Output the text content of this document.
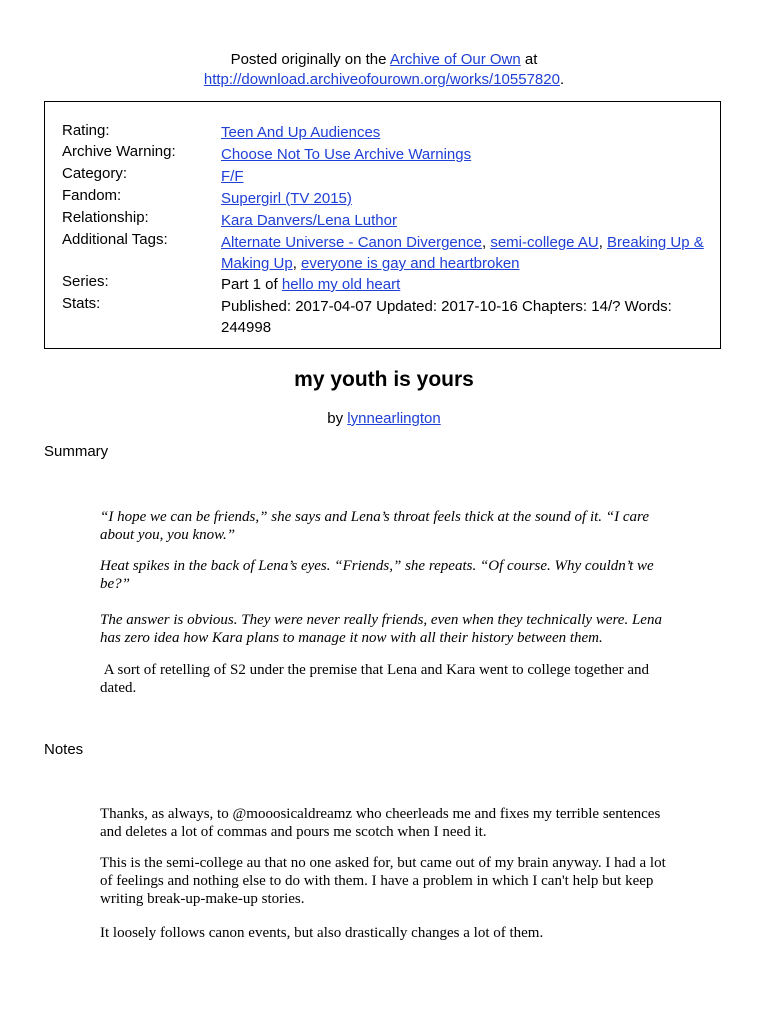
Posted originally on the Archive of Our Own at
http://download.archiveofourown.org/works/10557820.
Rating:	Teen And Up Audiences
Archive Warning:	Choose Not To Use Archive Warnings
Category:	F/F
Fandom:	Supergirl (TV 2015)
Relationship:	Kara Danvers/Lena Luthor
Additional Tags:	Alternate Universe - Canon Divergence, semi-college AU, Breaking Up & Making Up, everyone is gay and heartbroken
Series:	Part 1 of hello my old heart
Stats:	Published: 2017-04-07 Updated: 2017-10-16 Chapters: 14/? Words: 244998
my youth is yours
by lynnearlington
Summary

“I hope we can be friends,” she says and Lena’s throat feels thick at the sound of it. “I care about you, you know.”

Heat spikes in the back of Lena’s eyes. “Friends,” she repeats. “Of course. Why couldn’t we be?”

The answer is obvious. They were never really friends, even when they technically were. Lena has zero idea how Kara plans to manage it now with all their history between them.

A sort of retelling of S2 under the premise that Lena and Kara went to college together and dated.

Notes

Thanks, as always, to @mooosicaldreamz who cheerleads me and fixes my terrible sentences and deletes a lot of commas and pours me scotch when I need it.

This is the semi-college au that no one asked for, but came out of my brain anyway. I had a lot of feelings and nothing else to do with them. I have a problem in which I can't help but keep writing break-up-make-up stories.

It loosely follows canon events, but also drastically changes a lot of them.
